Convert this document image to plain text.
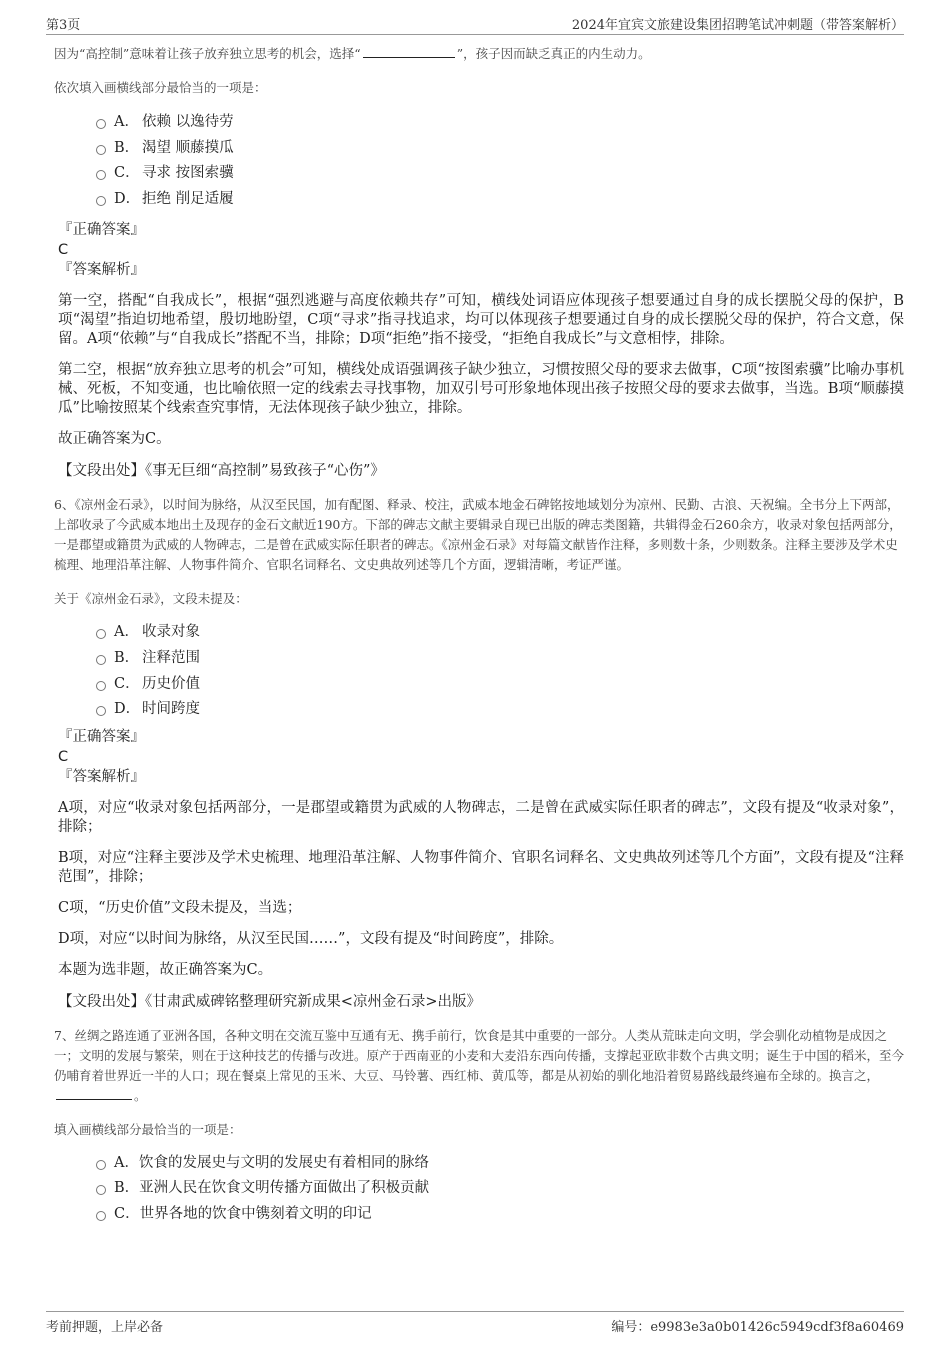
第3页	2024年宜宾文旅建设集团招聘笔试冲刺题（带答案解析）

因为“高控制”意味着让孩子放弃独立思考的机会，选择“	”，孩子因而缺乏真正的内生动力。

依次填入画横线部分最恰当的一项是：

A． 依赖 以逸待劳
B． 渴望 顺藤摸瓜
C． 寻求 按图索骥
D． 拒绝 削足适履

『正确答案』

C

『答案解析』

第一空，搭配“自我成长”，根据“强烈逃避与高度依赖共存”可知，横线处词语应体现孩子想要通过自身的成长摆脱父母的保护，B项“渴望”指迫切地希望，殷切地盼望，C项“寻求”指寻找追求，均可以体现孩子想要通过自身的成长摆脱父母的保护，符合文意，保留。A项“依赖”与“自我成长”搭配不当，排除；D项“拒绝”指不接受，“拒绝自我成长”与文意相悖，排除。

第二空，根据“放弃独立思考的机会”可知，横线处成语强调孩子缺少独立，习惯按照父母的要求去做事，C项“按图索骥”比喻办事机械、死板，不知变通，也比喻依照一定的线索去寻找事物，加双引号可形象地体现出孩子按照父母的要求去做事，当选。B项“顺藤摸瓜”比喻按照某个线索查究事情，无法体现孩子缺少独立，排除。

故正确答案为C。

【文段出处】《事无巨细“高控制”易致孩子“心伤”》

6、《凉州金石录》，以时间为脉络，从汉至民国，加有配图、释录、校注，武威本地金石碑铭按地域划分为凉州、民勤、古浪、天祝编。全书分上下两部，上部收录了今武威本地出土及现存的金石文献近190方。下部的碑志文献主要辑录自现已出版的碑志类图籍，共辑得金石260余方，收录对象包括两部分，一是郡望或籍贯为武威的人物碑志，二是曾在武威实际任职者的碑志。《凉州金石录》对每篇文献皆作注释，多则数十条，少则数条。注释主要涉及学术史梳理、地理沿革注解、人物事件简介、官职名词释名、文史典故列述等几个方面，逻辑清晰，考证严谨。

关于《凉州金石录》，文段未提及：

A． 收录对象
B． 注释范围
C． 历史价值
D． 时间跨度

『正确答案』

C

『答案解析』

A项，对应“收录对象包括两部分，一是郡望或籍贯为武威的人物碑志，二是曾在武威实际任职者的碑志”，文段有提及“收录对象”，排除；

B项，对应“注释主要涉及学术史梳理、地理沿革注解、人物事件简介、官职名词释名、文史典故列述等几个方面”，文段有提及“注释范围”，排除；

C项，“历史价值”文段未提及，当选；

D项，对应“以时间为脉络，从汉至民国……”，文段有提及“时间跨度”，排除。

本题为选非题，故正确答案为C。

【文段出处】《甘肃武威碑铭整理研究新成果<凉州金石录>出版》

7、丝绸之路连通了亚洲各国，各种文明在交流互鉴中互通有无、携手前行，饮食是其中重要的一部分。人类从荒昧走向文明，学会驯化动植物是成因之一；文明的发展与繁荣，则在于这种技艺的传播与改进。原产于西南亚的小麦和大麦沿东西向传播，支撑起亚欧非数个古典文明；诞生于中国的稻米，至今仍哺育着世界近一半的人口；现在餐桌上常见的玉米、大豆、马铃薯、西红柿、黄瓜等，都是从初始的驯化地沿着贸易路线最终遍布全球的。换言之，。

填入画横线部分最恰当的一项是：

A．饮食的发展史与文明的发展史有着相同的脉络
B．亚洲人民在饮食文明传播方面做出了积极贡献
C．世界各地的饮食中镌刻着文明的印记
考前押题，上岸必备	编号：e9983e3a0b01426c5949cdf3f8a60469
